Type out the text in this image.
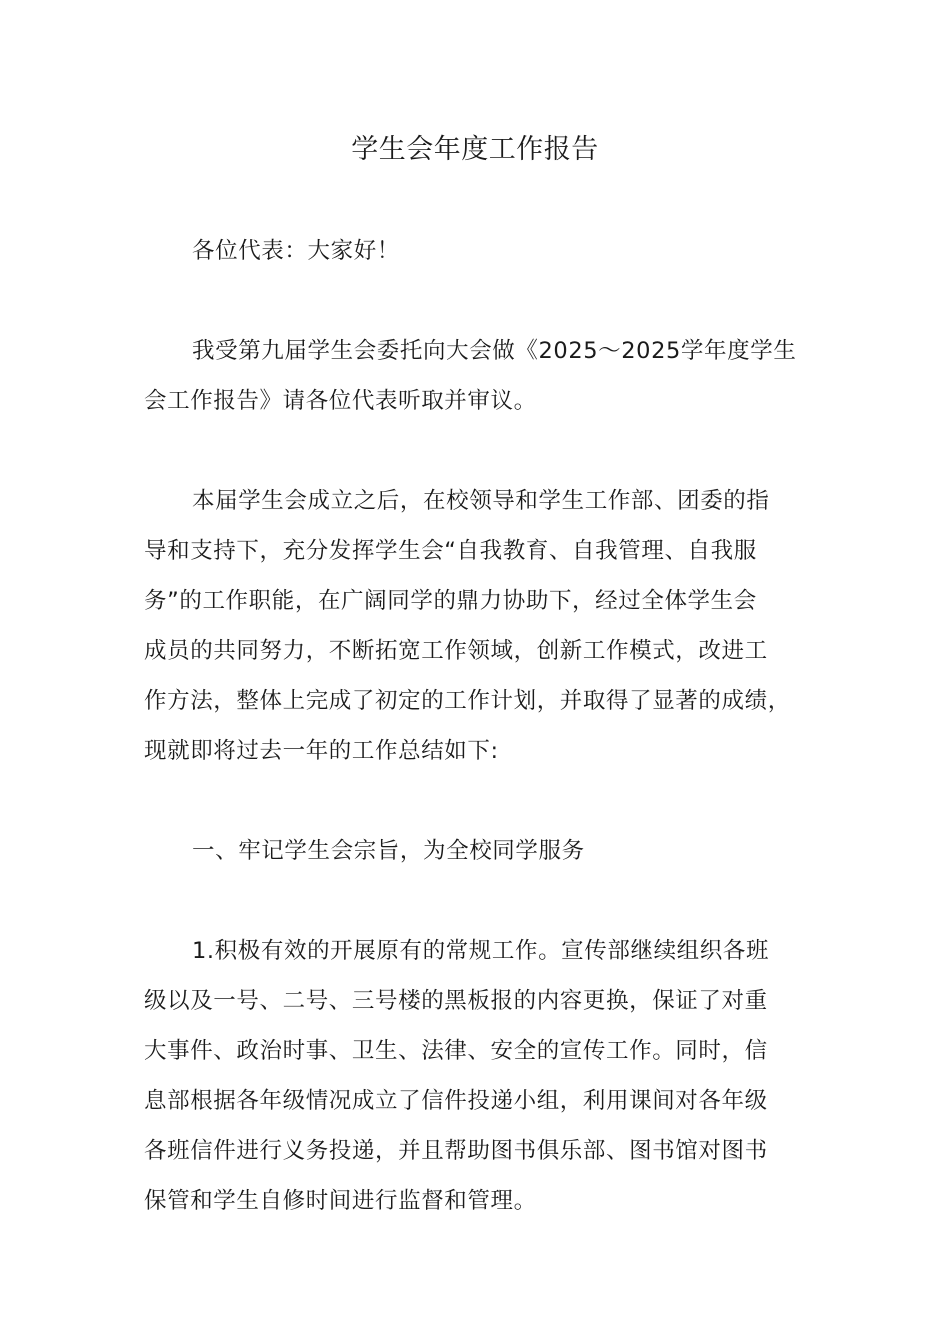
学生会年度工作报告
各位代表：大家好！
我受第九届学生会委托向大会做《2025～2025学年度学生
会工作报告》请各位代表听取并审议。
本届学生会成立之后，在校领导和学生工作部、团委的指
导和支持下，充分发挥学生会“自我教育、自我管理、自我服
务”的工作职能，在广阔同学的鼎力协助下，经过全体学生会
成员的共同努力，不断拓宽工作领域，创新工作模式，改进工
作方法，整体上完成了初定的工作计划，并取得了显著的成绩，
现就即将过去一年的工作总结如下:
一、牢记学生会宗旨，为全校同学服务
1.积极有效的开展原有的常规工作。宣传部继续组织各班
级以及一号、二号、三号楼的黑板报的内容更换，保证了对重
大事件、政治时事、卫生、法律、安全的宣传工作。同时，信
息部根据各年级情况成立了信件投递小组，利用课间对各年级
各班信件进行义务投递，并且帮助图书俱乐部、图书馆对图书
保管和学生自修时间进行监督和管理。
